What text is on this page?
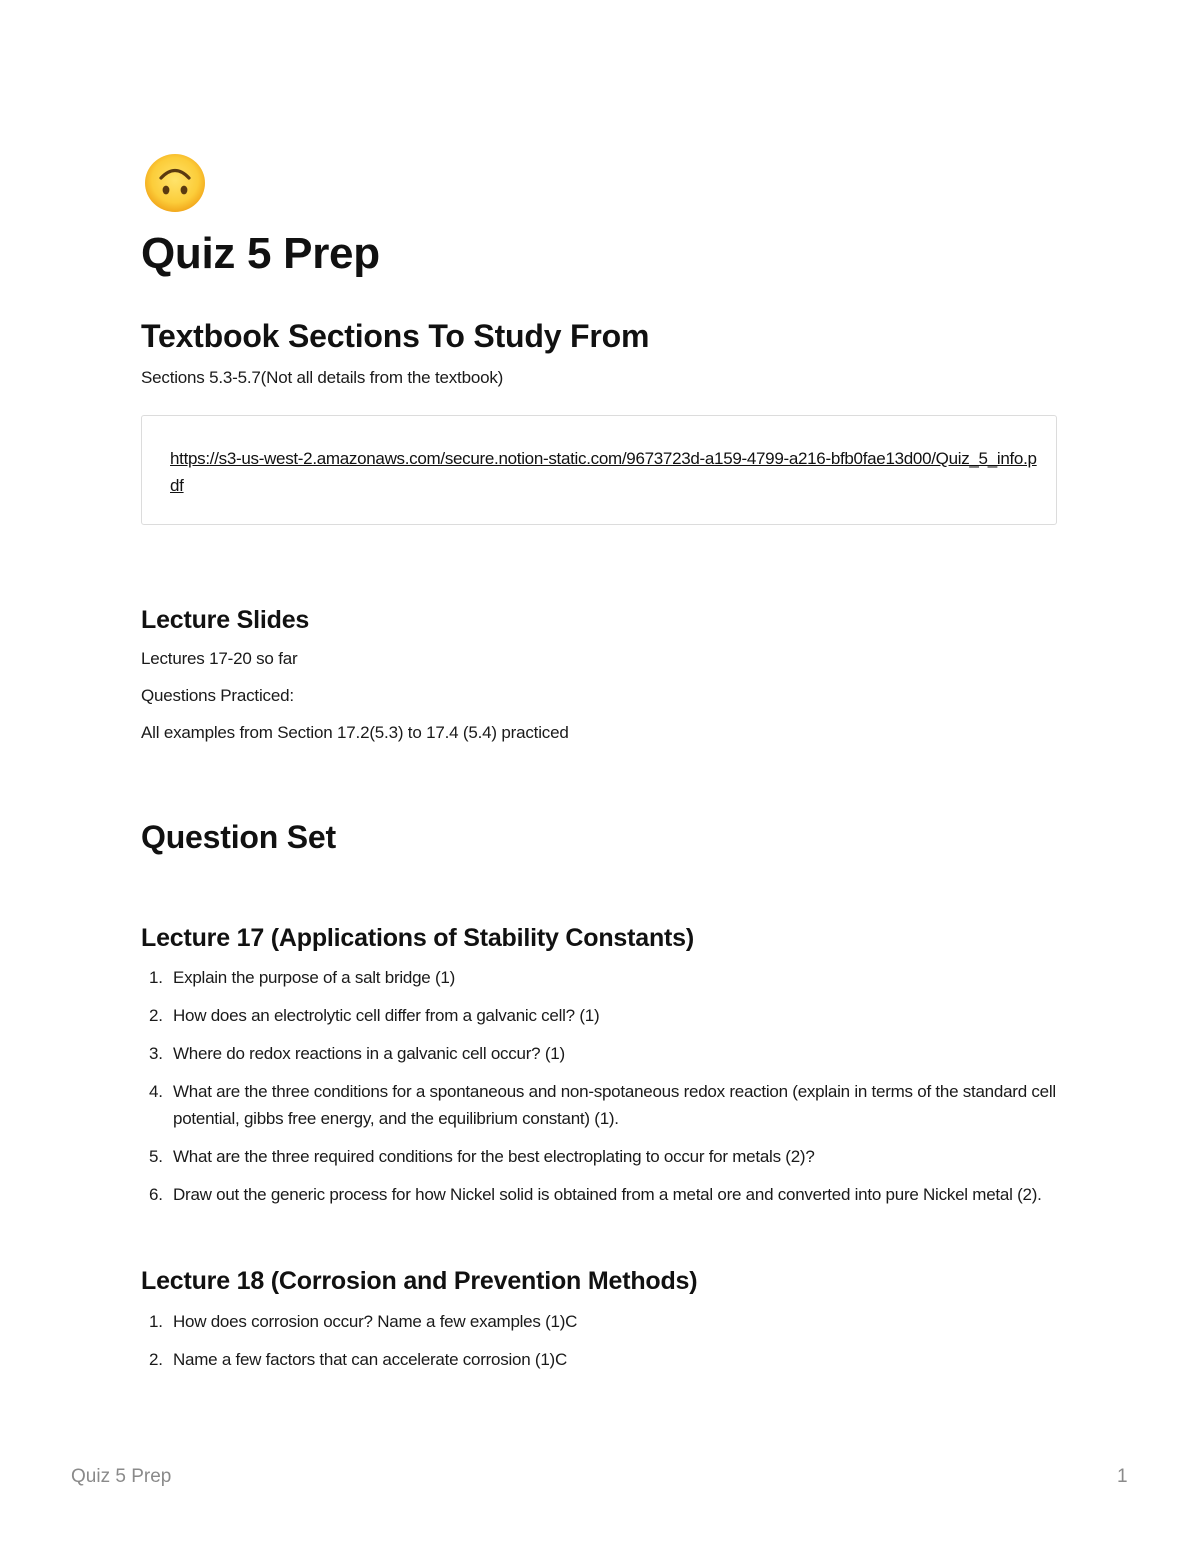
Quiz 5 Prep
Textbook Sections To Study From

Sections 5.3-5.7(Not all details from the textbook)

https://s3-us-west-2.amazonaws.com/secure.notion-static.com/9673723d-a159-4799-a216-bfb0fae13d00/Quiz_5_info.pdf
Lecture Slides

Lectures 17-20 so far

Questions Practiced:

All examples from Section 17.2(5.3) to 17.4 (5.4) practiced

Question Set
Lecture 17 (Applications of Stability Constants)
1. Explain the purpose of a salt bridge (1)
2. How does an electrolytic cell differ from a galvanic cell? (1)
3. Where do redox reactions in a galvanic cell occur? (1)
4. What are the three conditions for a spontaneous and non-spotaneous redox reaction (explain in terms of the standard cell potential, gibbs free energy, and the equilibrium constant) (1).
5. What are the three required conditions for the best electroplating to occur for metals (2)?
6. Draw out the generic process for how Nickel solid is obtained from a metal ore and converted into pure Nickel metal (2).
Lecture 18 (Corrosion and Prevention Methods)
1. How does corrosion occur? Name a few examples (1)C
2. Name a few factors that can accelerate corrosion (1)C
Quiz 5 Prep	1
